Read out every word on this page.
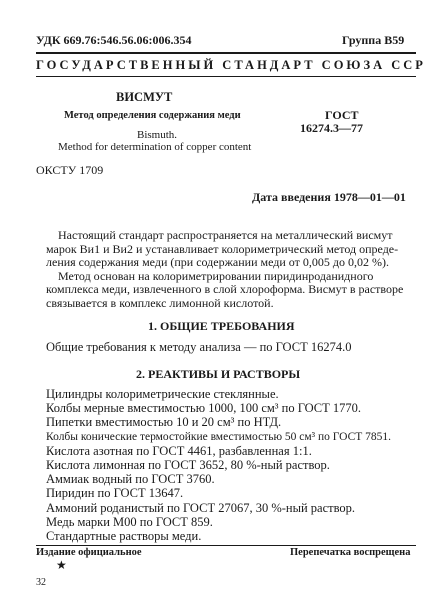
УДК 669.76:546.56.06:006.354	Группа В59
ГОСУДАРСТВЕННЫЙ СТАНДАРТ СОЮЗА ССР
ВИСМУТ
Метод определения содержания меди
Bismuth.
Method for determination of copper content
ГОСТ
16274.3—77
ОКСТУ 1709
Дата введения 1978—01—01
Настоящий стандарт распространяется на металлический висмут
марок Ви1 и Ви2 и устанавливает колориметрический метод опреде-
ления содержания меди (при содержании меди от 0,005 до 0,02 %).
Метод основан на колориметрировании пиридинроданидного
комплекса меди, извлеченного в слой хлороформа. Висмут в растворе
связывается в комплекс лимонной кислотой.
1. ОБЩИЕ ТРЕБОВАНИЯ
Общие требования к методу анализа — по ГОСТ 16274.0
2. РЕАКТИВЫ И РАСТВОРЫ
Цилиндры колориметрические стеклянные.
Колбы мерные вместимостью 1000, 100 см³ по ГОСТ 1770.
Пипетки вместимостью 10 и 20 см³ по НТД.
Колбы конические термостойкие вместимостью 50 см³ по ГОСТ 7851.
Кислота азотная по ГОСТ 4461, разбавленная 1:1.
Кислота лимонная по ГОСТ 3652, 80 %-ный раствор.
Аммиак водный по ГОСТ 3760.
Пиридин по ГОСТ 13647.
Аммоний роданистый по ГОСТ 27067, 30 %-ный раствор.
Медь марки М00 по ГОСТ 859.
Стандартные растворы меди.
Издание официальное
★
Перепечатка воспрещена
32
